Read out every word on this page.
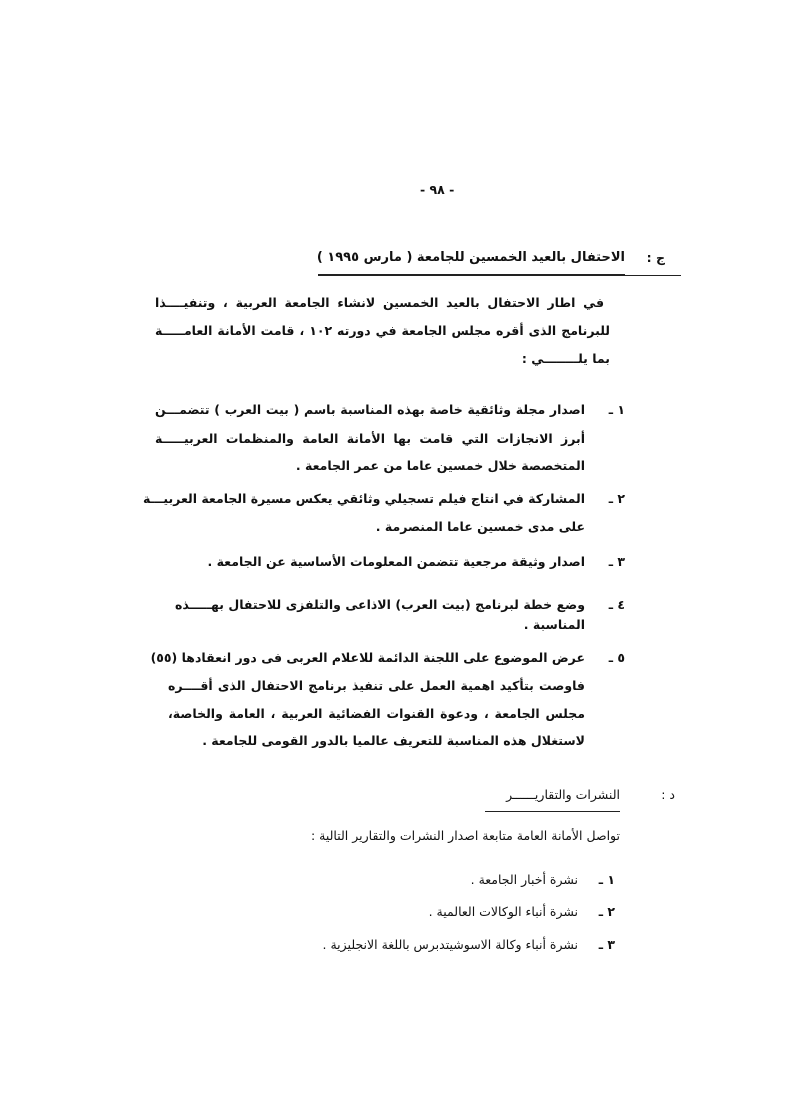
- ٩٨ -
ج :
الاحتفال بالعيد الخمسين للجامعة ( مارس ١٩٩٥ )
في اطار الاحتفال بالعيد الخمسين لانشاء الجامعة العربية ، وتنفيــــذا
للبرنامج الذى أقره مجلس الجامعة في دورته ١٠٢ ، قامت الأمانة العامـــــة
بما يلــــــــي :
١ ـ
اصدار مجلة وثائقية خاصة بهذه المناسبة باسم ( بيت العرب ) تتضمـــن
أبرز الانجازات التي قامت بها الأمانة العامة والمنظمات العربيـــــة
المتخصصة خلال خمسين عاما من عمر الجامعة .
٢ ـ
المشاركة في انتاج فيلم تسجيلي وثائقي يعكس مسيرة الجامعة العربيـــة
على مدى خمسين عاما المنصرمة .
٣ ـ
اصدار وثيقة مرجعية تتضمن المعلومات الأساسية عن الجامعة .
٤ ـ
وضع خطة لبرنامج (بيت العرب) الاذاعى والتلفزى للاحتفال بهـــــذه
المناسبة .
٥ ـ
عرض الموضوع على اللجنة الدائمة للاعلام العربى فى دور انعقادها (٥٥)
فاوصت بتأكيد اهمية العمل على تنفيذ برنامج الاحتفال الذى أقــــره
مجلس الجامعة ، ودعوة القنوات الفضائية العربية ، العامة والخاصة،
لاستغلال هذه المناسبة للتعريف عالميا بالدور القومى للجامعة .
د :
النشرات والتقاريــــــر
تواصل الأمانة العامة متابعة اصدار النشرات والتقارير التالية :
١ ـ
نشرة أخبار الجامعة .
٢ ـ
نشرة أنباء الوكالات العالمية .
٣ ـ
نشرة أنباء وكالة الاسوشيتدبرس باللغة الانجليزية .
